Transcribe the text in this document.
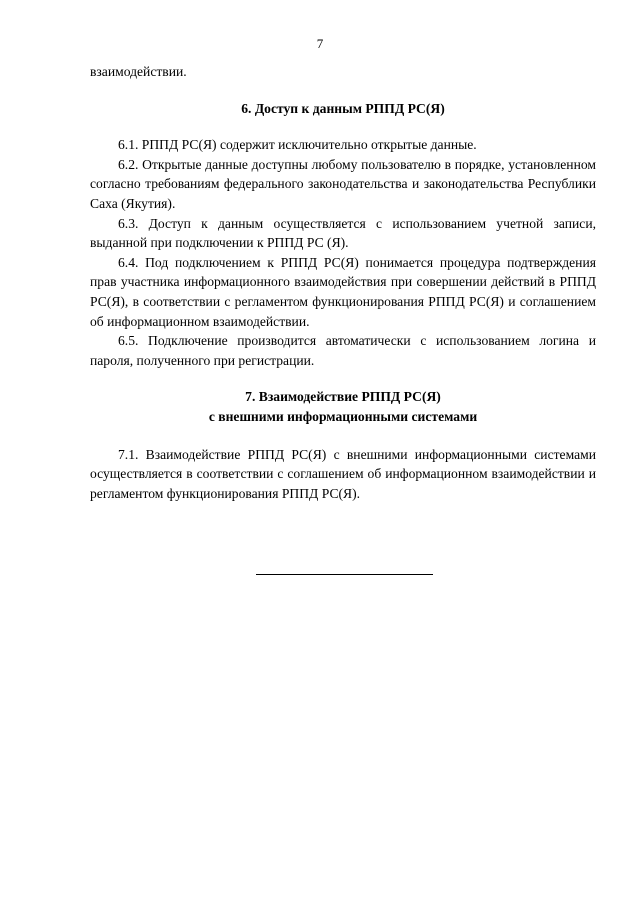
7

взаимодействии.

6. Доступ к данным РППД РС(Я)

6.1. РППД РС(Я) содержит исключительно открытые данные.

6.2. Открытые данные доступны любому пользователю в порядке, установленном согласно требованиям федерального законодательства и законодательства Республики Саха (Якутия).

6.3. Доступ к данным осуществляется с использованием учетной записи, выданной при подключении к РППД РС (Я).

6.4. Под подключением к РППД РС(Я) понимается процедура подтверждения прав участника информационного взаимодействия при совершении действий в РППД РС(Я), в соответствии с регламентом функционирования РППД РС(Я) и соглашением об информационном взаимодействии.

6.5. Подключение производится автоматически с использованием логина и пароля, полученного при регистрации.

7. Взаимодействие РППД РС(Я)

с внешними информационными системами

7.1. Взаимодействие РППД РС(Я) с внешними информационными системами осуществляется в соответствии с соглашением об информационном взаимодействии и регламентом функционирования РППД РС(Я).
